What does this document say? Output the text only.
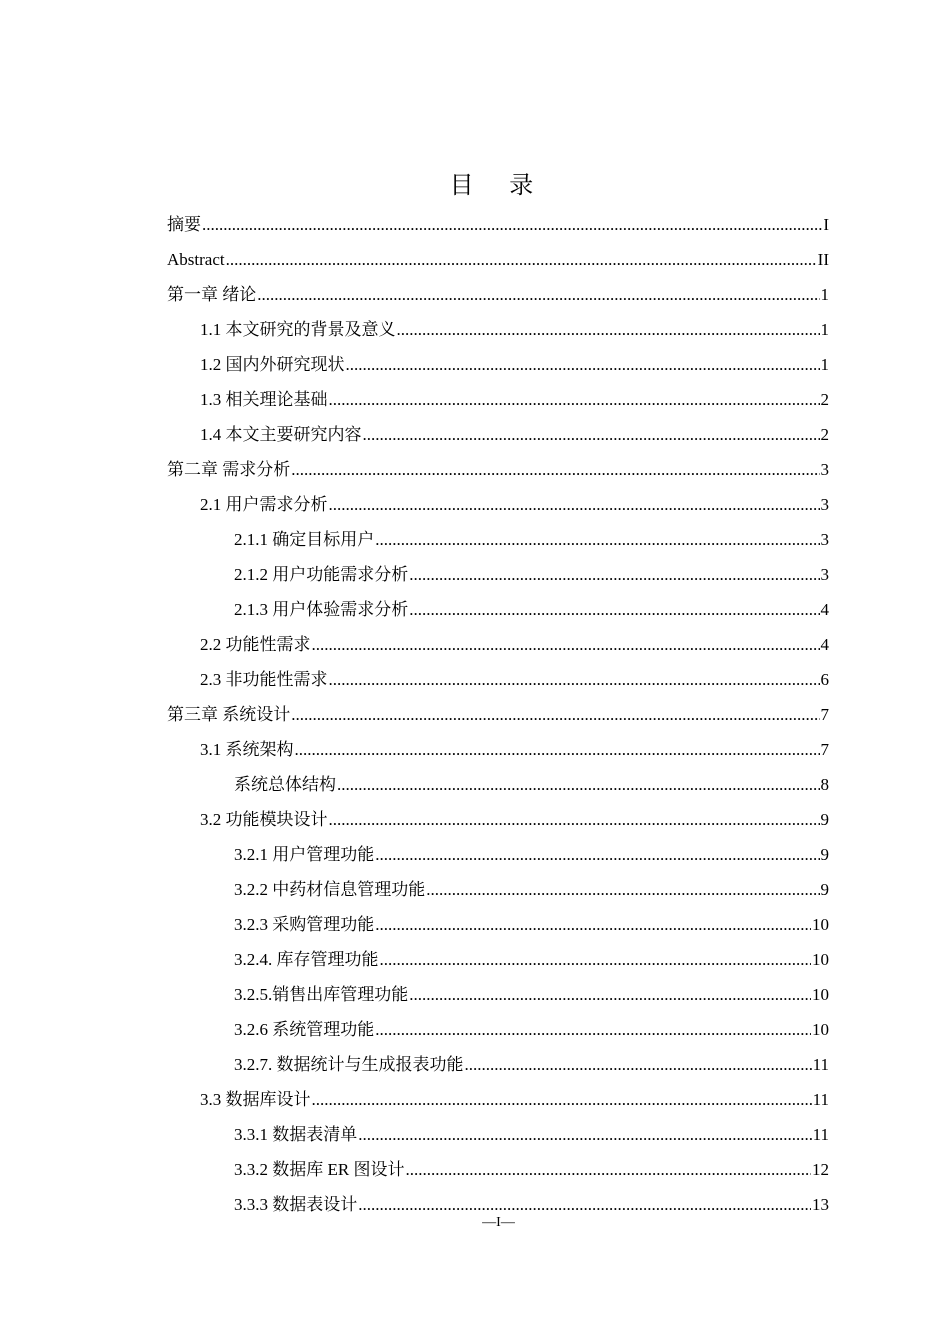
目 录
摘要 .....	I
Abstract .....	II
第一章 绪论 .....	1
1.1 本文研究的背景及意义 .....	1
1.2 国内外研究现状 .....	1
1.3 相关理论基础 .....	2
1.4 本文主要研究内容 .....	2
第二章 需求分析 .....	3
2.1 用户需求分析 .....	3
2.1.1 确定目标用户 .....	3
2.1.2 用户功能需求分析 .....	3
2.1.3 用户体验需求分析 .....	4
2.2 功能性需求 .....	4
2.3 非功能性需求 .....	6
第三章 系统设计 .....	7
3.1 系统架构 .....	7
系统总体结构 .....	8
3.2 功能模块设计 .....	9
3.2.1 用户管理功能 .....	9
3.2.2 中药材信息管理功能 .....	9
3.2.3 采购管理功能 .....	10
3.2.4. 库存管理功能 .....	10
3.2.5.销售出库管理功能 .....	10
3.2.6 系统管理功能 .....	10
3.2.7. 数据统计与生成报表功能 .....	11
3.3 数据库设计 .....	11
3.3.1 数据表清单 .....	11
3.3.2 数据库 ER 图设计 .....	12
3.3.3 数据表设计 .....	13
—I—
